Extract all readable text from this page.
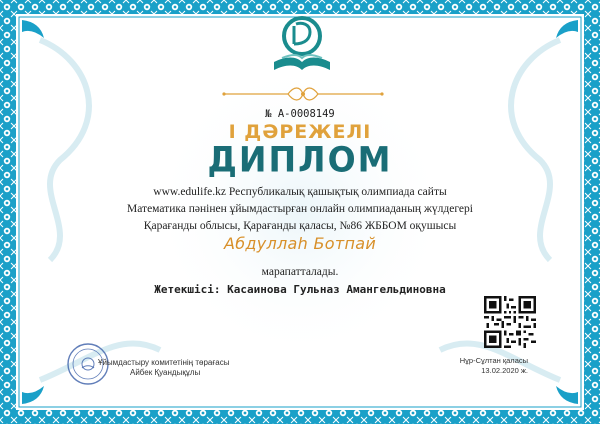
№ A-0008149
I ДӘРЕЖЕЛІ
ДИПЛОМ
www.edulife.kz Республикалық қашықтық олимпиада сайты
Математика пәнінен ұйымдастырған онлайн олимпиаданың жүлдегері
Қарағанды облысы, Қарағанды қаласы, №86 ЖББОМ оқушысы
Абдуллаh Ботпай
марапатталады.
Жетекшісі: Касаинова Гульназ Амангельдиновна
Ұйымдастыру комитетінің төрағасы
Айбек Қуандықұлы
Нұр-Сұлтан қаласы
13.02.2020 ж.
